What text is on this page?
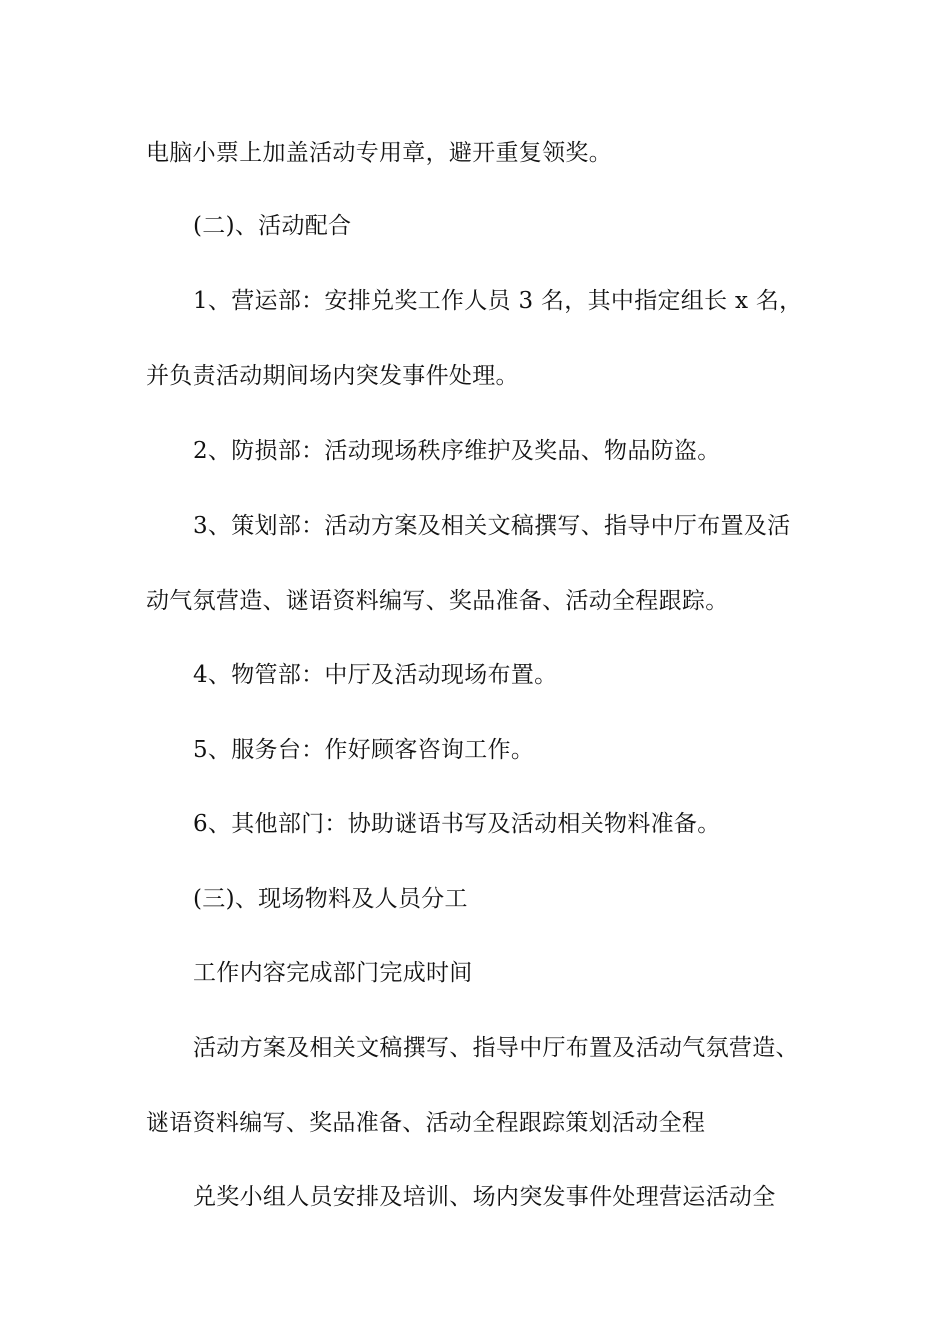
电脑小票上加盖活动专用章，避开重复领奖。
(二)、活动配合
1、营运部：安排兑奖工作人员 3 名，其中指定组长 x 名，
并负责活动期间场内突发事件处理。
2、防损部：活动现场秩序维护及奖品、物品防盗。
3、策划部：活动方案及相关文稿撰写、指导中厅布置及活
动气氛营造、谜语资料编写、奖品准备、活动全程跟踪。
4、物管部：中厅及活动现场布置。
5、服务台：作好顾客咨询工作。
6、其他部门：协助谜语书写及活动相关物料准备。
(三)、现场物料及人员分工
工作内容完成部门完成时间
活动方案及相关文稿撰写、指导中厅布置及活动气氛营造、
谜语资料编写、奖品准备、活动全程跟踪策划活动全程
兑奖小组人员安排及培训、场内突发事件处理营运活动全
